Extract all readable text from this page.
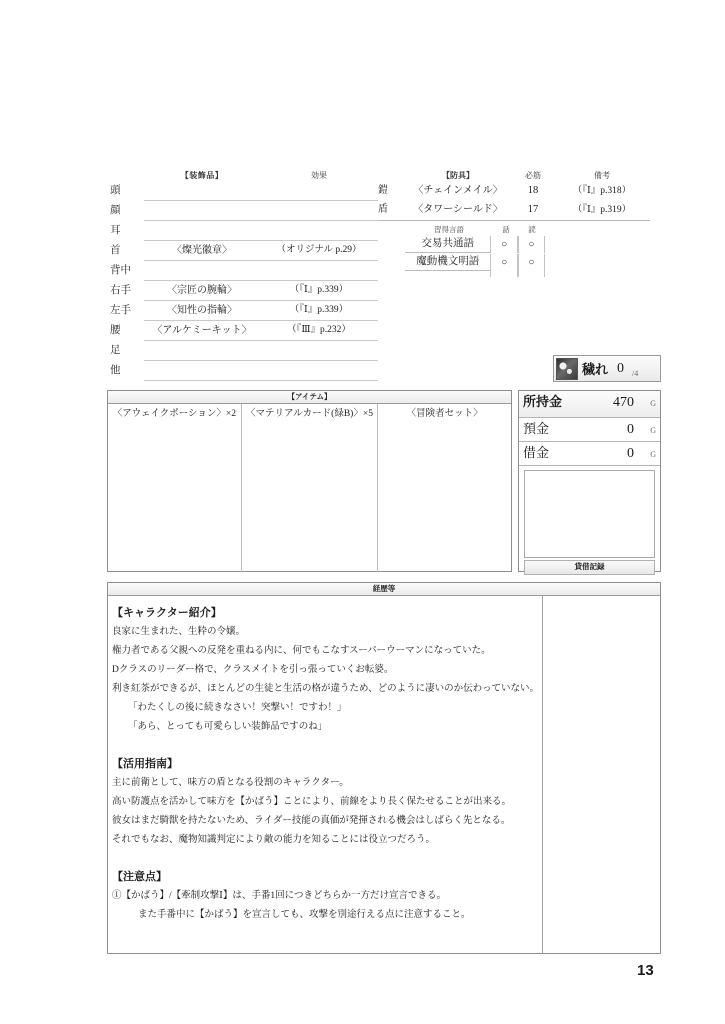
【装飾品】	効果
頭
顔
耳
首	〈燦光徽章〉	（オリジナル p.29）
背中
右手	〈宗匠の腕輪〉	（『Ⅰ』p.339）
左手	〈知性の指輪〉	（『Ⅰ』p.339）
腰	〈アルケミーキット〉	（『Ⅲ』p.232）
足
他
【防具】	必筋	備考
鎧	〈チェインメイル〉	18	（『Ⅰ』p.318）
盾	〈タワーシールド〉	17	（『Ⅰ』p.319）
習得言語	話	読
交易共通語	○	○
魔動機文明語	○	○
穢れ 0 /4
【アイテム】
〈アウェイクポーション〉×2	〈マテリアルカード(緑B)〉×5	〈冒険者セット〉
所持金	470	G
預金	0	G
借金	0	G
貸借記録
経歴等
【キャラクター紹介】
良家に生まれた、生粋の令嬢。
権力者である父親への反発を重ねる内に、何でもこなすスーパーウーマンになっていた。
Dクラスのリーダー格で、クラスメイトを引っ張っていくお転婆。
利き紅茶ができるが、ほとんどの生徒と生活の格が違うため、どのように凄いのか伝わっていない。
「わたくしの後に続きなさい！突撃い！ですわ！」
「あら、とっても可愛らしい装飾品ですのね」
【活用指南】
主に前衛として、味方の盾となる役割のキャラクター。
高い防護点を活かして味方を【かばう】ことにより、前線をより長く保たせることが出来る。
彼女はまだ騎獣を持たないため、ライダー技能の真価が発揮される機会はしばらく先となる。
それでもなお、魔物知識判定により敵の能力を知ることには役立つだろう。
【注意点】
①【かばう】/【牽制攻撃Ⅰ】は、手番1回につきどちらか一方だけ宣言できる。
また手番中に【かばう】を宣言しても、攻撃を別途行える点に注意すること。
13
